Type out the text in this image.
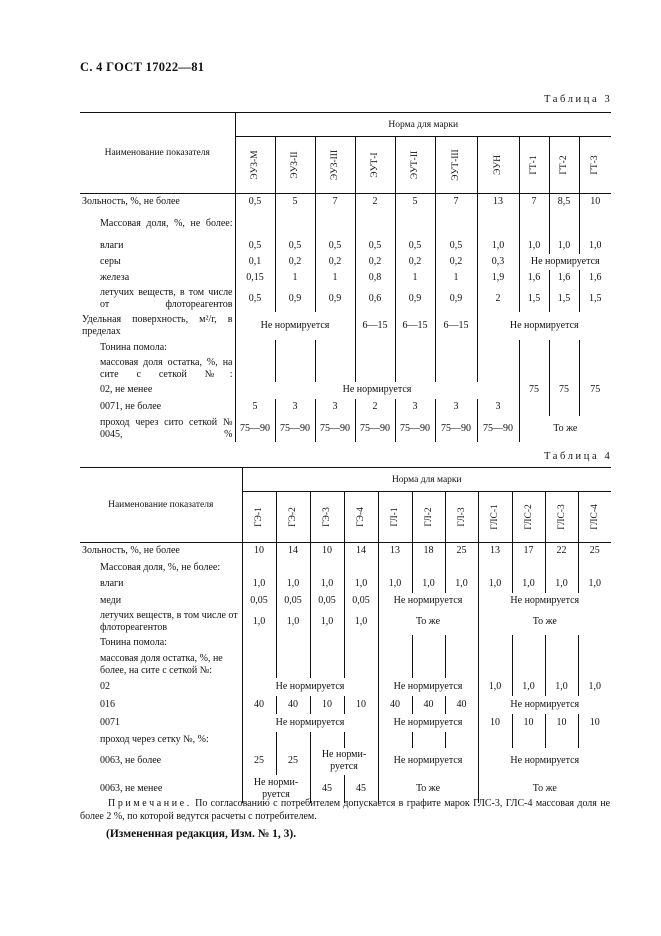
С. 4 ГОСТ 17022—81
Таблица 3
Наименование показателя	Норма для марки									

	ЭУЗ-М	ЭУЗ-II	ЭУЗ-III	ЭУТ-I	ЭУТ-II	ЭУТ-III	ЭУН	ГТ-1	ГТ-2	ГТ-3

Зольность, %, не более	0,5	5	7	2	5	7	13	7	8,5	10
Массовая доля, %, не более:										
влаги	0,5	0,5	0,5	0,5	0,5	0,5	1,0	1,0	1,0	1,0
серы	0,1	0,2	0,2	0,2	0,2	0,2	0,3	Не нормируется		
железа	0,15	1	1	0,8	1	1	1,9	1,6	1,6	1,6
летучих веществ, в том числе от флотореагентов	0,5	0,9	0,9	0,6	0,9	0,9	2	1,5	1,5	1,5
Удельная поверхность, м²/г, в пределах	Не нормируется			6—15	6—15	6—15	Не нормируется			
Тонина помола:										
массовая доля остатка, %, на сите с сеткой №:										
02, не менее	Не нормируется							75	75	75
0071, не более	5	3	3	2	3	3	3			
проход через сито сеткой № 0045, %	75—90	75—90	75—90	75—90	75—90	75—90	75—90	То же		
Таблица 4
Наименование показателя	Норма для марки										

	ГЭ-1	ГЭ-2	ГЭ-3	ГЭ-4	ГЛ-1	ГЛ-2	ГЛ-3	ГЛС-1	ГЛС-2	ГЛС-3	ГЛС-4

Зольность, %, не более	10	14	10	14	13	18	25	13	17	22	25
Массовая доля, %, не более:											
влаги	1,0	1,0	1,0	1,0	1,0	1,0	1,0	1,0	1,0	1,0	1,0
меди	0,05	0,05	0,05	0,05	Не нормируется			Не нормируется			
летучих веществ, в том числе от флотореагентов	1,0	1,0	1,0	1,0	То же			То же			
Тонина помола:											
массовая доля остатка, %, не более, на сите с сеткой №:											
02	Не нормируется				Не нормируется			1,0	1,0	1,0	1,0
016	40	40	10	10	40	40	40	Не нормируется			
0071	Не нормируется				Не нормируется			10	10	10	10
проход через сетку №, %:											
0063, не более	25	25	Не норми- руется		Не нормируется			Не нормируется			
0063, не менее	Не норми- руется		45	45	То же			То же			
Примечание. По согласованию с потребителем допускается в графите марок ГЛС-3, ГЛС-4 массовая доля не более 2 %, по которой ведутся расчеты с потребителем.
(Измененная редакция, Изм. № 1, 3).
